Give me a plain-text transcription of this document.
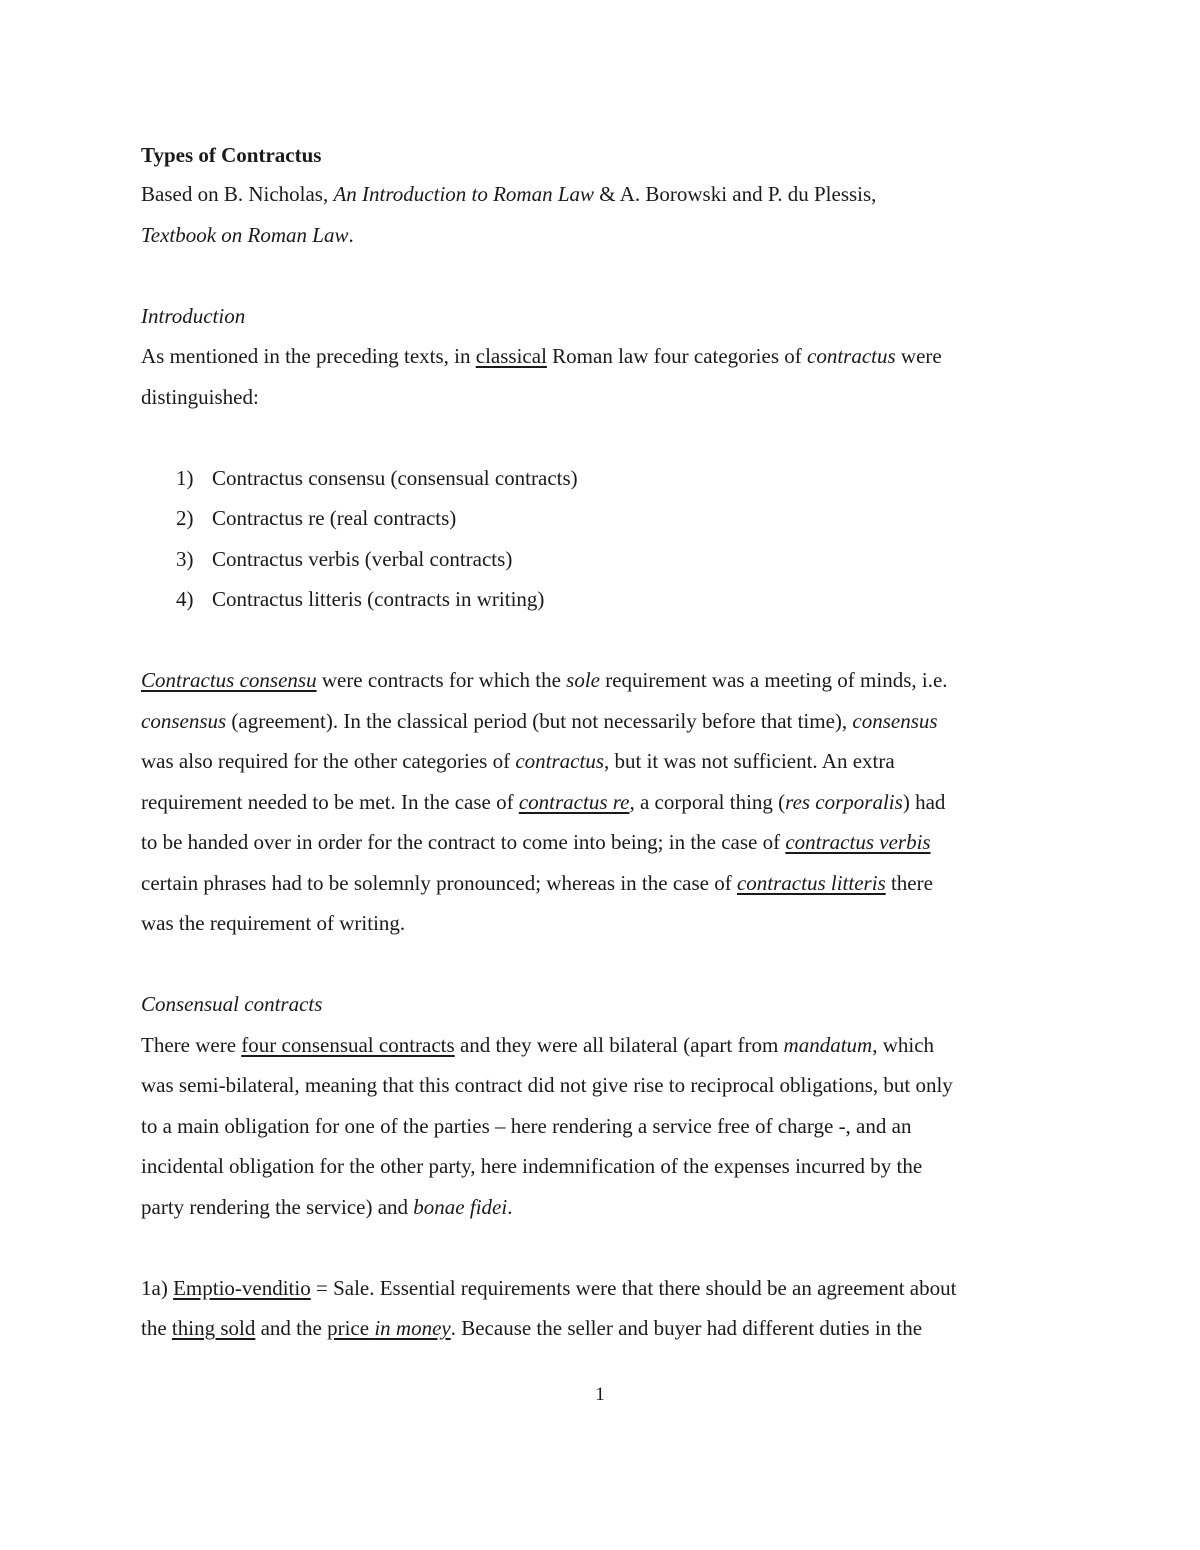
Types of Contractus

Based on B. Nicholas, An Introduction to Roman Law & A. Borowski and P. du Plessis,
Textbook on Roman Law.

Introduction

As mentioned in the preceding texts, in classical Roman law four categories of contractus were
distinguished:

1) Contractus consensu (consensual contracts)
2) Contractus re (real contracts)
3) Contractus verbis (verbal contracts)
4) Contractus litteris (contracts in writing)

Contractus consensu were contracts for which the sole requirement was a meeting of minds, i.e.
consensus (agreement). In the classical period (but not necessarily before that time), consensus
was also required for the other categories of contractus, but it was not sufficient. An extra
requirement needed to be met. In the case of contractus re, a corporal thing (res corporalis) had
to be handed over in order for the contract to come into being; in the case of contractus verbis
certain phrases had to be solemnly pronounced; whereas in the case of contractus litteris there
was the requirement of writing.

Consensual contracts

There were four consensual contracts and they were all bilateral (apart from mandatum, which
was semi-bilateral, meaning that this contract did not give rise to reciprocal obligations, but only
to a main obligation for one of the parties – here rendering a service free of charge -, and an
incidental obligation for the other party, here indemnification of the expenses incurred by the
party rendering the service) and bonae fidei.

1a) Emptio-venditio = Sale. Essential requirements were that there should be an agreement about
the thing sold and the price in money. Because the seller and buyer had different duties in the

1
